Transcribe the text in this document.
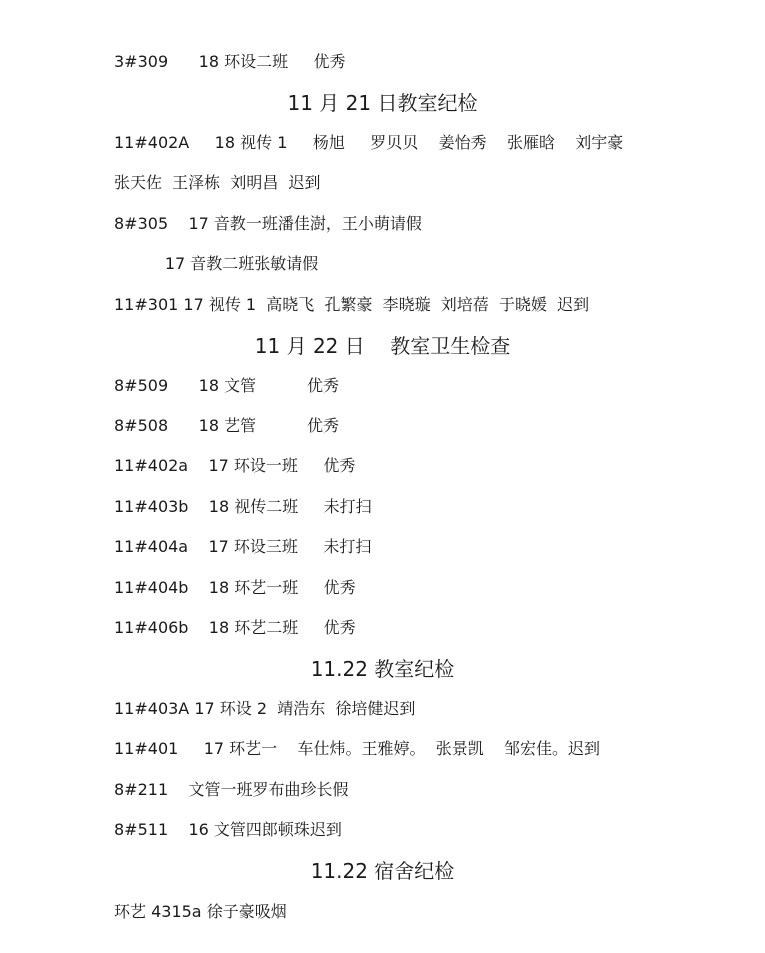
3#309      18 环设二班     优秀
11 月 21 日教室纪检
11#402A     18 视传 1     杨旭     罗贝贝    姜怡秀    张雁晗    刘宇豪
张天佐  王泽栋  刘明昌  迟到
8#305    17 音教一班潘佳澍，王小萌请假
17 音教二班张敏请假
11#301 17 视传 1  高晓飞  孔繁豪  李晓璇  刘培蓓  于晓媛  迟到
11 月 22 日    教室卫生检查
8#509      18 文管          优秀
8#508      18 艺管          优秀
11#402a    17 环设一班     优秀
11#403b    18 视传二班     未打扫
11#404a    17 环设三班     未打扫
11#404b    18 环艺一班     优秀
11#406b    18 环艺二班     优秀
11.22 教室纪检
11#403A 17 环设 2  靖浩东  徐培健迟到
11#401     17 环艺一    车仕炜。王雅婷。  张景凯    邹宏佳。迟到
8#211    文管一班罗布曲珍长假
8#511    16 文管四郎顿珠迟到
11.22 宿舍纪检
环艺 4315a 徐子豪吸烟
